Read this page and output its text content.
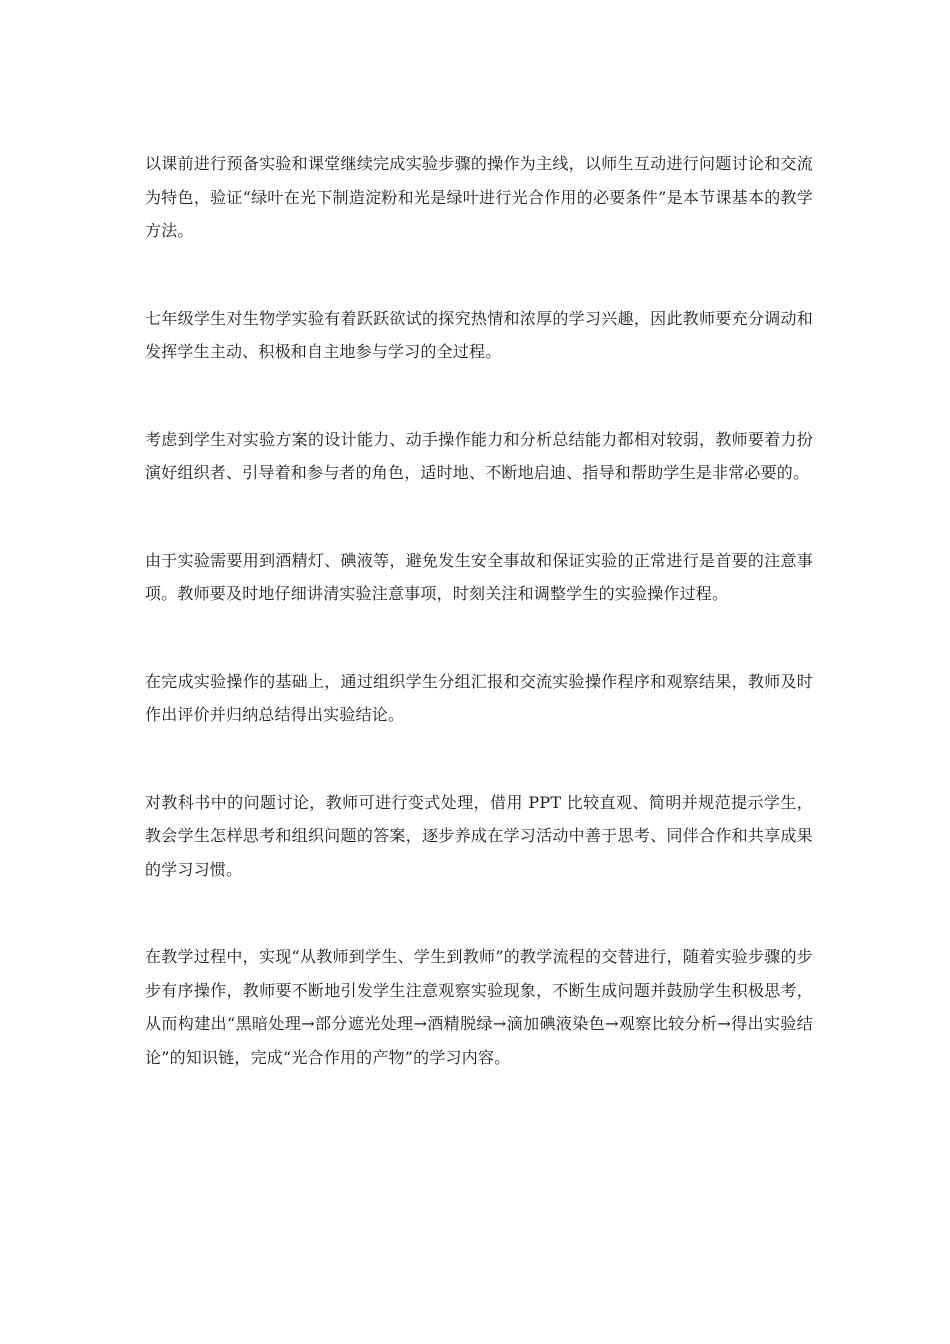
以课前进行预备实验和课堂继续完成实验步骤的操作为主线，以师生互动进行问题讨论和交流为特色，验证“绿叶在光下制造淀粉和光是绿叶进行光合作用的必要条件”是本节课基本的教学方法。

七年级学生对生物学实验有着跃跃欲试的探究热情和浓厚的学习兴趣，因此教师要充分调动和发挥学生主动、积极和自主地参与学习的全过程。

考虑到学生对实验方案的设计能力、动手操作能力和分析总结能力都相对较弱，教师要着力扮演好组织者、引导着和参与者的角色，适时地、不断地启迪、指导和帮助学生是非常必要的。

由于实验需要用到酒精灯、碘液等，避免发生安全事故和保证实验的正常进行是首要的注意事项。教师要及时地仔细讲清实验注意事项，时刻关注和调整学生的实验操作过程。

在完成实验操作的基础上，通过组织学生分组汇报和交流实验操作程序和观察结果，教师及时作出评价并归纳总结得出实验结论。

对教科书中的问题讨论，教师可进行变式处理，借用 PPT 比较直观、简明并规范提示学生，教会学生怎样思考和组织问题的答案，逐步养成在学习活动中善于思考、同伴合作和共享成果的学习习惯。

在教学过程中，实现“从教师到学生、学生到教师”的教学流程的交替进行，随着实验步骤的步步有序操作，教师要不断地引发学生注意观察实验现象，不断生成问题并鼓励学生积极思考，从而构建出“黑暗处理→部分遮光处理→酒精脱绿→滴加碘液染色→观察比较分析→得出实验结论”的知识链，完成“光合作用的产物”的学习内容。
